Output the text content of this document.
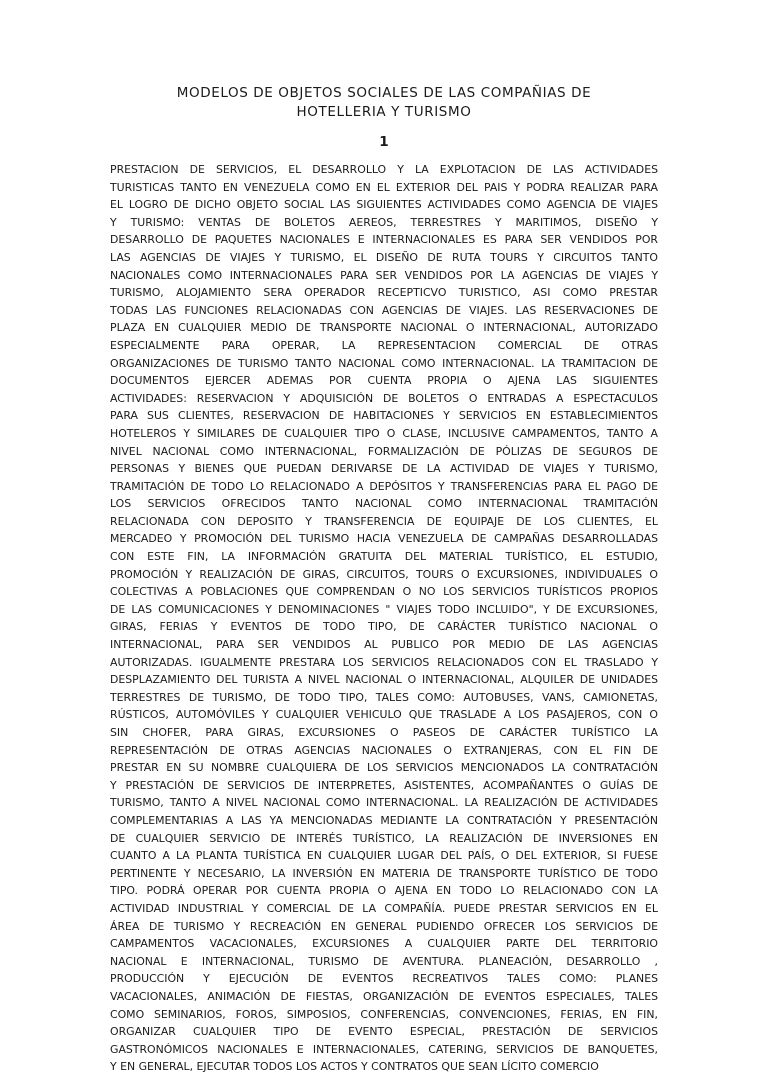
MODELOS DE OBJETOS SOCIALES DE LAS COMPAÑIAS DE
HOTELLERIA Y TURISMO
1
PRESTACION DE SERVICIOS, EL DESARROLLO Y LA EXPLOTACION DE LAS ACTIVIDADES
TURISTICAS TANTO EN VENEZUELA COMO EN EL EXTERIOR DEL PAIS Y PODRA REALIZAR PARA
EL LOGRO DE DICHO OBJETO SOCIAL LAS SIGUIENTES ACTIVIDADES COMO AGENCIA DE VIAJES
Y TURISMO: VENTAS DE BOLETOS AEREOS, TERRESTRES Y MARITIMOS, DISEÑO Y
DESARROLLO DE PAQUETES NACIONALES E INTERNACIONALES ES PARA SER VENDIDOS POR
LAS AGENCIAS DE VIAJES Y TURISMO, EL DISEÑO DE RUTA TOURS Y CIRCUITOS TANTO
NACIONALES COMO INTERNACIONALES PARA SER VENDIDOS POR LA AGENCIAS DE VIAJES Y
TURISMO, ALOJAMIENTO SERA OPERADOR RECEPTICVO TURISTICO, ASI COMO PRESTAR
TODAS LAS FUNCIONES RELACIONADAS CON AGENCIAS DE VIAJES. LAS RESERVACIONES DE
PLAZA EN CUALQUIER MEDIO DE TRANSPORTE NACIONAL O INTERNACIONAL, AUTORIZADO
ESPECIALMENTE PARA OPERAR, LA REPRESENTACION COMERCIAL DE OTRAS
ORGANIZACIONES DE TURISMO TANTO NACIONAL COMO INTERNACIONAL. LA TRAMITACION DE
DOCUMENTOS EJERCER ADEMAS POR CUENTA PROPIA O AJENA LAS SIGUIENTES
ACTIVIDADES: RESERVACION Y ADQUISICIÓN DE BOLETOS O ENTRADAS A ESPECTACULOS
PARA SUS CLIENTES, RESERVACION DE HABITACIONES Y SERVICIOS EN ESTABLECIMIENTOS
HOTELEROS Y SIMILARES DE CUALQUIER TIPO O CLASE, INCLUSIVE CAMPAMENTOS, TANTO A
NIVEL NACIONAL COMO INTERNACIONAL, FORMALIZACIÓN DE PÓLIZAS DE SEGUROS DE
PERSONAS Y BIENES QUE PUEDAN DERIVARSE DE LA ACTIVIDAD DE VIAJES Y TURISMO,
TRAMITACIÓN DE TODO LO RELACIONADO A DEPÓSITOS Y TRANSFERENCIAS PARA EL PAGO DE
LOS SERVICIOS OFRECIDOS TANTO NACIONAL COMO INTERNACIONAL TRAMITACIÓN
RELACIONADA CON DEPOSITO Y TRANSFERENCIA DE EQUIPAJE DE LOS CLIENTES, EL
MERCADEO Y PROMOCIÓN DEL TURISMO HACIA VENEZUELA DE CAMPAÑAS DESARROLLADAS
CON ESTE FIN, LA INFORMACIÓN GRATUITA DEL MATERIAL TURÍSTICO, EL ESTUDIO,
PROMOCIÓN Y REALIZACIÓN DE GIRAS, CIRCUITOS, TOURS O EXCURSIONES, INDIVIDUALES O
COLECTIVAS A POBLACIONES QUE COMPRENDAN O NO LOS SERVICIOS TURÍSTICOS PROPIOS
DE LAS COMUNICACIONES Y DENOMINACIONES " VIAJES TODO INCLUIDO", Y DE EXCURSIONES,
GIRAS, FERIAS Y EVENTOS DE TODO TIPO, DE CARÁCTER TURÍSTICO NACIONAL O
INTERNACIONAL, PARA SER VENDIDOS AL PUBLICO POR MEDIO DE LAS AGENCIAS
AUTORIZADAS. IGUALMENTE PRESTARA LOS SERVICIOS RELACIONADOS CON EL TRASLADO Y
DESPLAZAMIENTO DEL TURISTA A NIVEL NACIONAL O INTERNACIONAL, ALQUILER DE UNIDADES
TERRESTRES DE TURISMO, DE TODO TIPO, TALES COMO: AUTOBUSES, VANS, CAMIONETAS,
RÚSTICOS, AUTOMÓVILES Y CUALQUIER VEHICULO QUE TRASLADE A LOS PASAJEROS, CON O
SIN CHOFER, PARA GIRAS, EXCURSIONES O PASEOS DE CARÁCTER TURÍSTICO LA
REPRESENTACIÓN DE OTRAS AGENCIAS NACIONALES O EXTRANJERAS, CON EL FIN DE
PRESTAR EN SU NOMBRE CUALQUIERA DE LOS SERVICIOS MENCIONADOS LA CONTRATACIÓN
Y PRESTACIÓN DE SERVICIOS DE INTERPRETES, ASISTENTES, ACOMPAÑANTES O GUÍAS DE
TURISMO, TANTO A NIVEL NACIONAL COMO INTERNACIONAL. LA REALIZACIÓN DE ACTIVIDADES
COMPLEMENTARIAS A LAS YA MENCIONADAS MEDIANTE LA CONTRATACIÓN Y PRESENTACIÓN
DE CUALQUIER SERVICIO DE INTERÉS TURÍSTICO, LA REALIZACIÓN DE INVERSIONES EN
CUANTO A LA PLANTA TURÍSTICA EN CUALQUIER LUGAR DEL PAÍS, O DEL EXTERIOR, SI FUESE
PERTINENTE Y NECESARIO, LA INVERSIÓN EN MATERIA DE TRANSPORTE TURÍSTICO DE TODO
TIPO. PODRÁ OPERAR POR CUENTA PROPIA O AJENA EN TODO LO RELACIONADO CON LA
ACTIVIDAD INDUSTRIAL Y COMERCIAL DE LA COMPAÑÍA. PUEDE PRESTAR SERVICIOS EN EL
ÁREA DE TURISMO Y RECREACIÓN EN GENERAL PUDIENDO OFRECER LOS SERVICIOS DE
CAMPAMENTOS VACACIONALES, EXCURSIONES A CUALQUIER PARTE DEL TERRITORIO
NACIONAL E INTERNACIONAL, TURISMO DE AVENTURA. PLANEACIÓN, DESARROLLO ,
PRODUCCIÓN Y EJECUCIÓN DE EVENTOS RECREATIVOS TALES COMO: PLANES
VACACIONALES, ANIMACIÓN DE FIESTAS, ORGANIZACIÓN DE EVENTOS ESPECIALES, TALES
COMO SEMINARIOS, FOROS, SIMPOSIOS, CONFERENCIAS, CONVENCIONES, FERIAS, EN FIN,
ORGANIZAR CUALQUIER TIPO DE EVENTO ESPECIAL, PRESTACIÓN DE SERVICIOS
GASTRONÓMICOS NACIONALES E INTERNACIONALES, CATERING, SERVICIOS DE BANQUETES,
Y EN GENERAL, EJECUTAR TODOS LOS ACTOS Y CONTRATOS QUE SEAN LÍCITO COMERCIO
